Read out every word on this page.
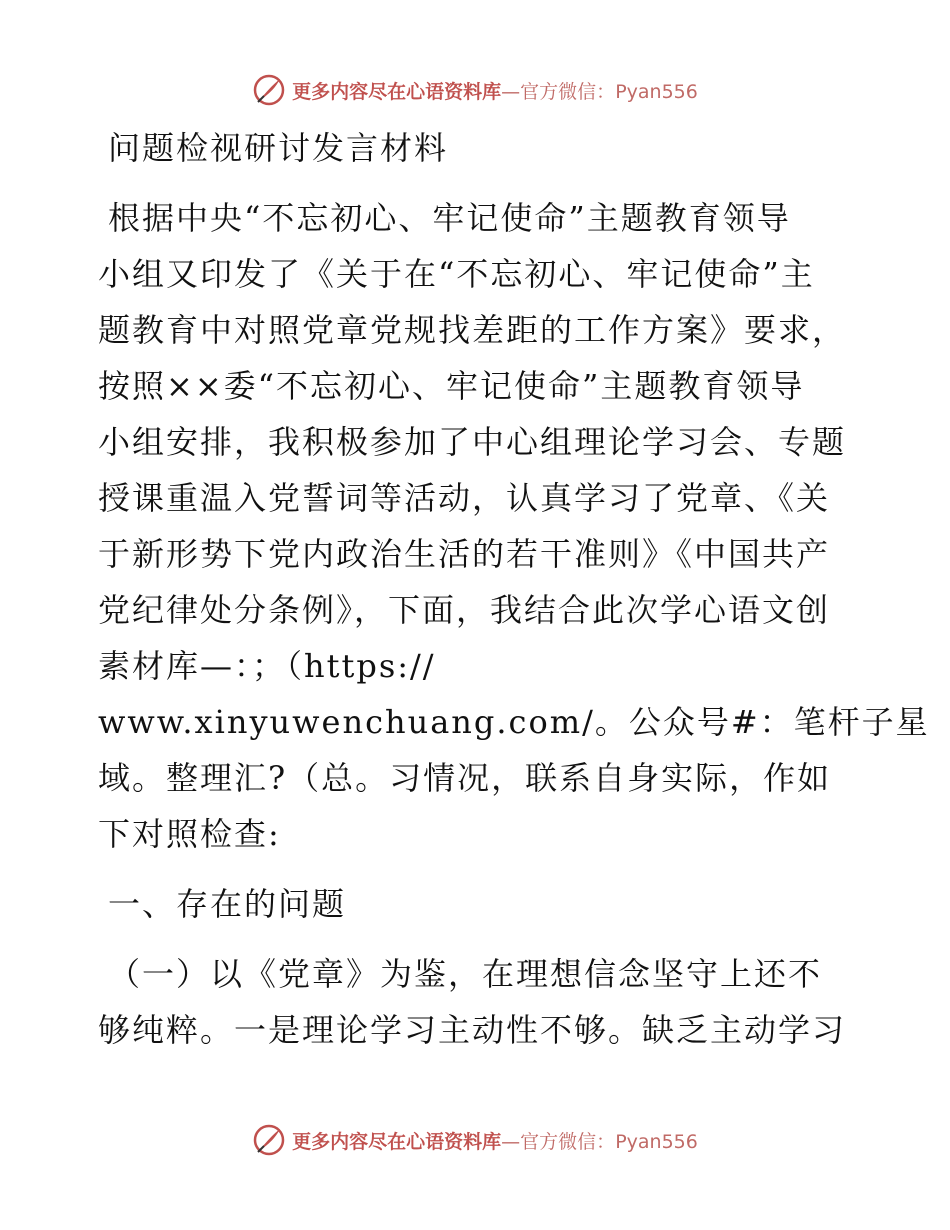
更多内容尽在心语资料库—官方微信：Pyan556
问题检视研讨发言材料
根据中央“不忘初心、牢记使命”主题教育领导
小组又印发了《关于在“不忘初心、牢记使命”主
题教育中对照党章党规找差距的工作方案》要求，
按照××委“不忘初心、牢记使命”主题教育领导
小组安排，我积极参加了中心组理论学习会、专题
授课重温入党誓词等活动，认真学习了党章、《关
于新形势下党内政治生活的若干准则》《中国共产
党纪律处分条例》，下面，我结合此次学心语文创
素材库—：；（https://
www.xinyuwenchuang.com/。公众号#：笔杆子星
域。整理汇?（总。习情况，联系自身实际，作如
下对照检查:
一、存在的问题
（一）以《党章》为鉴，在理想信念坚守上还不
够纯粹。一是理论学习主动性不够。缺乏主动学习
更多内容尽在心语资料库—官方微信：Pyan556
